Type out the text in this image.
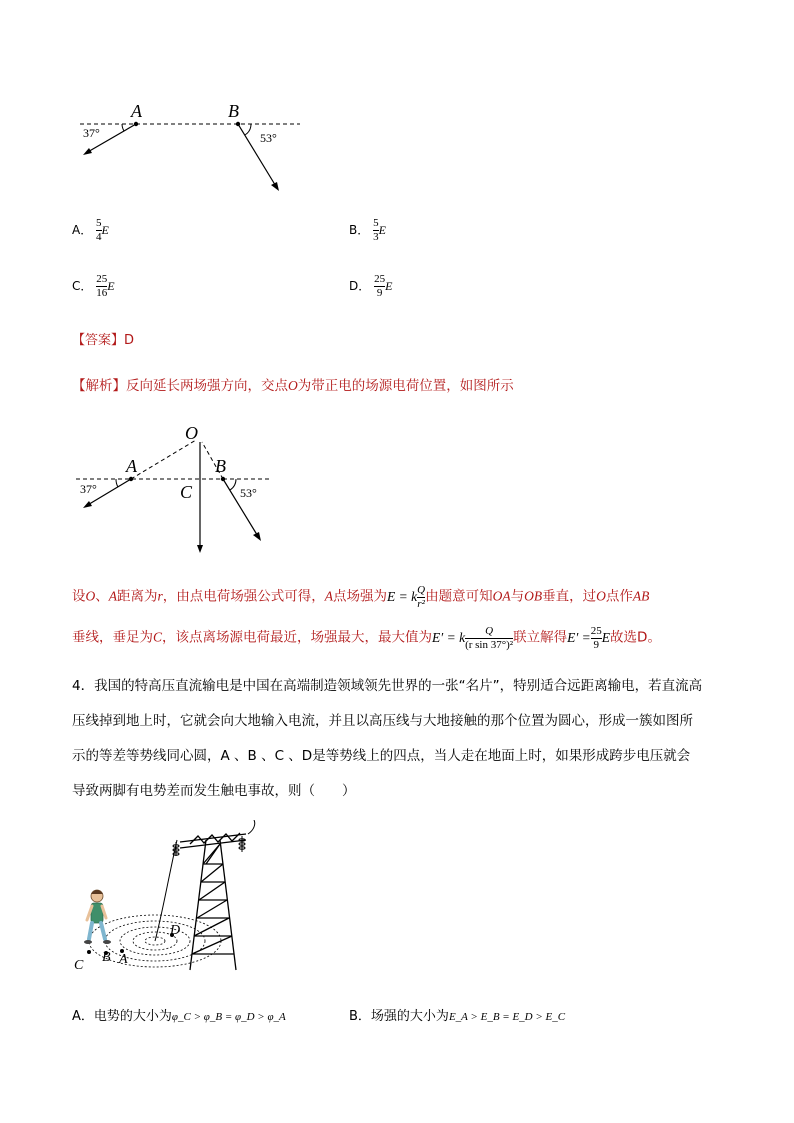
A	B
37°	53°
A． $\frac{5}{4}$ E	B． $\frac{5}{3}$ E
C． $\frac{25}{16}$ E	D． $\frac{25}{9}$ E
【答案】D
【解析】反向延长两场强方向，交点O为带正电的场源电荷位置，如图所示
O
A	B
C
37°	53°
设O、A距离为r，由点电荷场强公式可得，A点场强为E = k $\frac{Q}{\text{r²}}$ 由题意可知OA与OB垂直，过O点作AB
垂线，垂足为C，该点离场源电荷最近，场强最大，最大值为E′ = k $\frac{Q}{\text{(r sin 37°)²}}$ 联立解得$E' = \frac{25}{9}$ E故选D。
4．我国的特高压直流输电是中国在高端制造领域领先世界的一张“名片”，特别适合远距离输电，若直流高
压线掉到地上时，它就会向大地输入电流，并且以高压线与大地接触的那个位置为圆心，形成一簇如图所
示的等差等势线同心圆，A 、B 、C 、D是等势线上的四点，当人走在地面上时，如果形成跨步电压就会
导致两脚有电势差而发生触电事故，则（　　）
A
B
C
D
A．电势的大小为φ_C > φ_B = φ_D > φ_A	B．场强的大小为E_A > E_B = E_D > E_C
